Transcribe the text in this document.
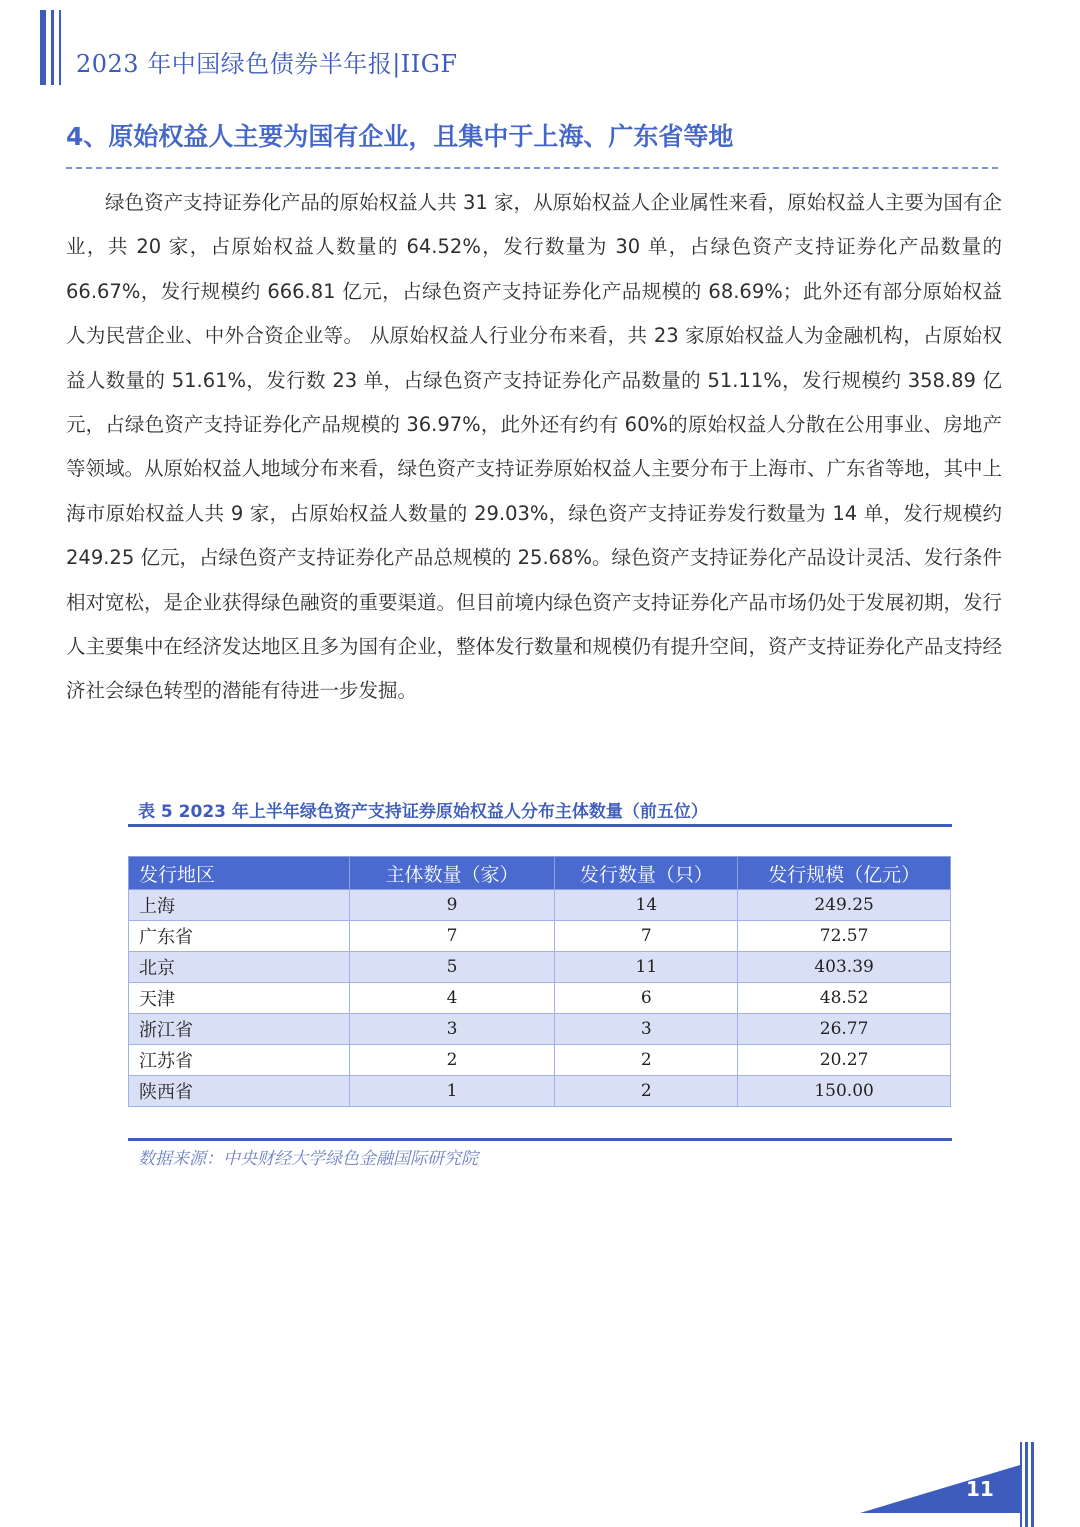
2023 年中国绿色债券半年报|IIGF
4、原始权益人主要为国有企业，且集中于上海、广东省等地

绿色资产支持证券化产品的原始权益人共 31 家，从原始权益人企业属性来看，原始权益人主要为国有企业，共 20 家，占原始权益人数量的 64.52%，发行数量为 30 单，占绿色资产支持证券化产品数量的 66.67%，发行规模约 666.81 亿元，占绿色资产支持证券化产品规模的 68.69%；此外还有部分原始权益人为民营企业、中外合资企业等。 从原始权益人行业分布来看，共 23 家原始权益人为金融机构，占原始权益人数量的 51.61%，发行数 23 单，占绿色资产支持证券化产品数量的 51.11%，发行规模约 358.89 亿元，占绿色资产支持证券化产品规模的 36.97%，此外还有约有 60%的原始权益人分散在公用事业、房地产等领域。从原始权益人地域分布来看，绿色资产支持证券原始权益人主要分布于上海市、广东省等地，其中上海市原始权益人共 9 家，占原始权益人数量的 29.03%，绿色资产支持证券发行数量为 14 单，发行规模约 249.25 亿元，占绿色资产支持证券化产品总规模的 25.68%。绿色资产支持证券化产品设计灵活、发行条件相对宽松，是企业获得绿色融资的重要渠道。但目前境内绿色资产支持证券化产品市场仍处于发展初期，发行人主要集中在经济发达地区且多为国有企业，整体发行数量和规模仍有提升空间，资产支持证券化产品支持经济社会绿色转型的潜能有待进一步发掘。

表 5 2023 年上半年绿色资产支持证券原始权益人分布主体数量（前五位）
发行地区	主体数量（家）	发行数量（只）	发行规模（亿元）
上海	9	14	249.25
广东省	7	7	72.57
北京	5	11	403.39
天津	4	6	48.52
浙江省	3	3	26.77
江苏省	2	2	20.27
陕西省	1	2	150.00
数据来源：中央财经大学绿色金融国际研究院
11
